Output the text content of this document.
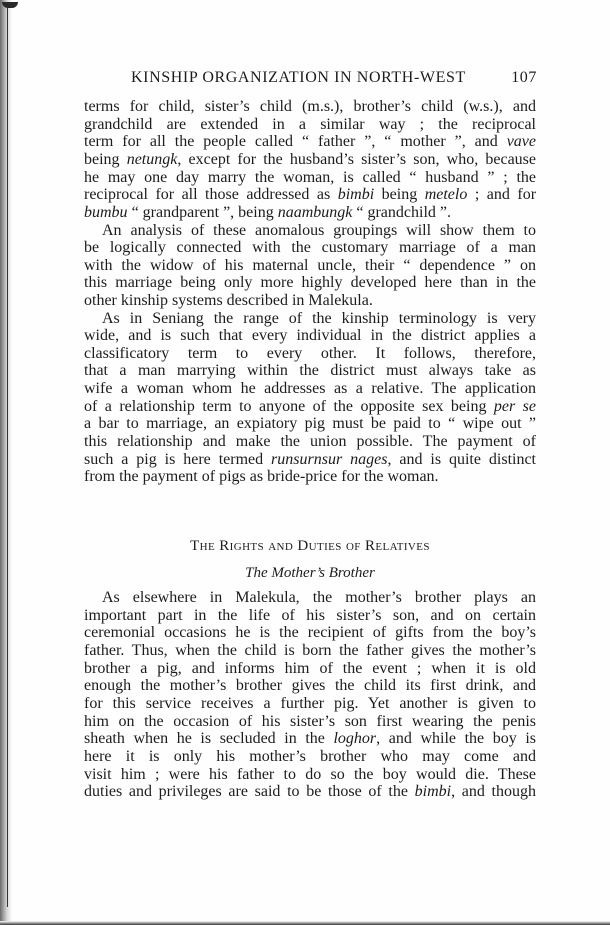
KINSHIP ORGANIZATION IN NORTH-WEST	107
terms for child, sister’s child (m.s.), brother’s child (w.s.), and
grandchild are extended in a similar way ; the reciprocal
term for all the people called “ father ”, “ mother ”, and vave
being netungk, except for the husband’s sister’s son, who, because
he may one day marry the woman, is called “ husband ” ; the
reciprocal for all those addressed as bimbi being metelo ; and for
bumbu “ grandparent ”, being naambungk “ grandchild ”.
An analysis of these anomalous groupings will show them to
be logically connected with the customary marriage of a man
with the widow of his maternal uncle, their “ dependence ” on
this marriage being only more highly developed here than in the
other kinship systems described in Malekula.
As in Seniang the range of the kinship terminology is very
wide, and is such that every individual in the district applies a
classificatory term to every other. It follows, therefore,
that a man marrying within the district must always take as
wife a woman whom he addresses as a relative. The application
of a relationship term to anyone of the opposite sex being per se
a bar to marriage, an expiatory pig must be paid to “ wipe out ”
this relationship and make the union possible. The payment of
such a pig is here termed runsurnsur nages, and is quite distinct
from the payment of pigs as bride-price for the woman.
The Rights and Duties of Relatives
The Mother’s Brother
As elsewhere in Malekula, the mother’s brother plays an
important part in the life of his sister’s son, and on certain
ceremonial occasions he is the recipient of gifts from the boy’s
father. Thus, when the child is born the father gives the mother’s
brother a pig, and informs him of the event ; when it is old
enough the mother’s brother gives the child its first drink, and
for this service receives a further pig. Yet another is given to
him on the occasion of his sister’s son first wearing the penis
sheath when he is secluded in the loghor, and while the boy is
here it is only his mother’s brother who may come and
visit him ; were his father to do so the boy would die. These
duties and privileges are said to be those of the bimbi, and though
